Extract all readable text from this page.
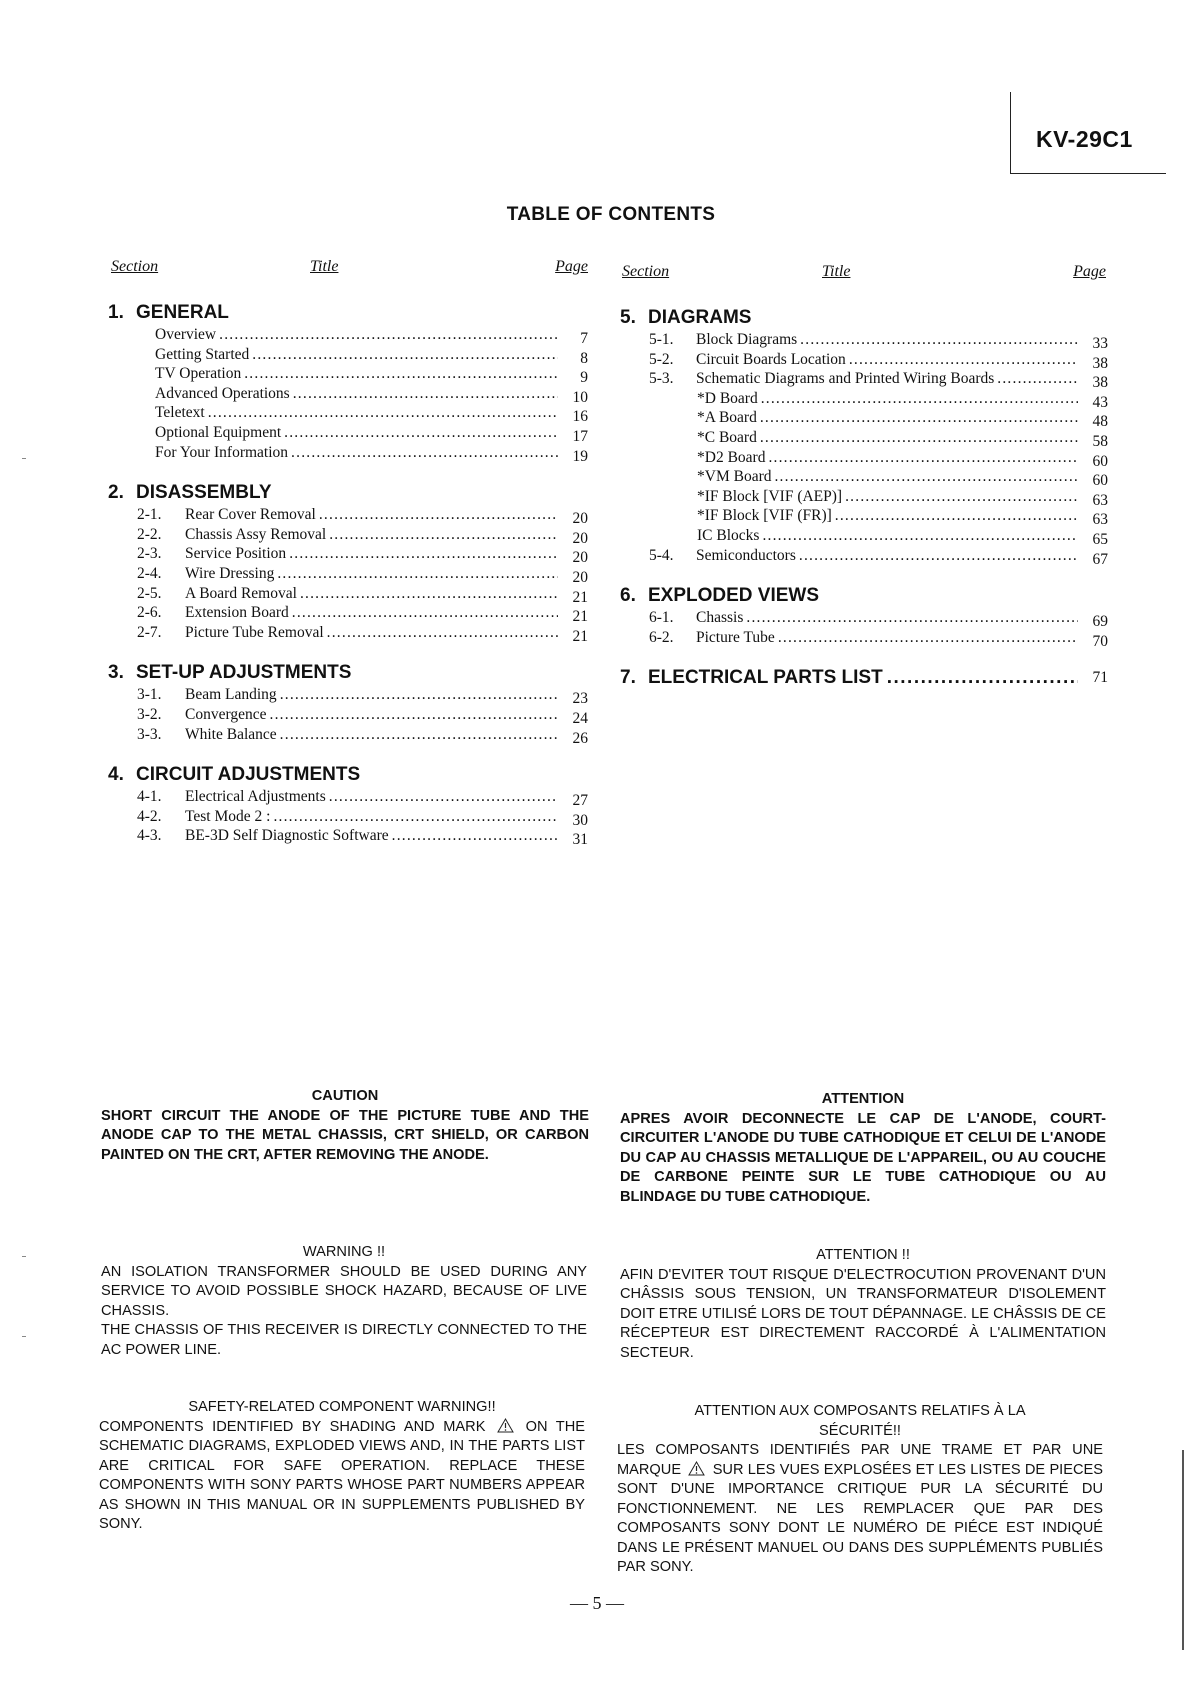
KV-29C1
TABLE OF CONTENTS
Section	Title	Page
1. GENERAL
Overview .....	7
Getting Started .....	8
TV Operation .....	9
Advanced Operations .....	10
Teletext .....	16
Optional Equipment .....	17
For Your Information .....	19
2. DISASSEMBLY
2-1. Rear Cover Removal .....	20
2-2. Chassis Assy Removal .....	20
2-3. Service Position .....	20
2-4. Wire Dressing .....	20
2-5. A Board Removal .....	21
2-6. Extension Board .....	21
2-7. Picture Tube Removal .....	21
3. SET-UP ADJUSTMENTS
3-1. Beam Landing .....	23
3-2. Convergence .....	24
3-3. White Balance .....	26
4. CIRCUIT ADJUSTMENTS
4-1. Electrical Adjustments .....	27
4-2. Test Mode 2 : .....	30
4-3. BE-3D Self Diagnostic Software .....	31
Section	Title	Page
5. DIAGRAMS
5-1. Block Diagrams .....	33
5-2. Circuit Boards Location .....	38
5-3. Schematic Diagrams and Printed Wiring Boards .....	38
*D Board .....	43
*A Board .....	48
*C Board .....	58
*D2 Board .....	60
*VM Board .....	60
*IF Block [VIF (AEP)] .....	63
*IF Block [VIF (FR)] .....	63
IC Blocks .....	65
5-4. Semiconductors .....	67
6. EXPLODED VIEWS
6-1. Chassis .....	69
6-2. Picture Tube .....	70
7. ELECTRICAL PARTS LIST .....	71
CAUTION
SHORT CIRCUIT THE ANODE OF THE PICTURE TUBE AND THE ANODE CAP TO THE METAL CHASSIS, CRT SHIELD, OR CARBON PAINTED ON THE CRT, AFTER REMOVING THE ANODE.
ATTENTION
APRES AVOIR DECONNECTE LE CAP DE L'ANODE, COURT-CIRCUITER L'ANODE DU TUBE CATHODIQUE ET CELUI DE L'ANODE DU CAP AU CHASSIS METALLIQUE DE L'APPAREIL, OU AU COUCHE DE CARBONE PEINTE SUR LE TUBE CATHODIQUE OU AU BLINDAGE DU TUBE CATHODIQUE.
WARNING !!

AN ISOLATION TRANSFORMER SHOULD BE USED DURING ANY SERVICE TO AVOID POSSIBLE SHOCK HAZARD, BECAUSE OF LIVE CHASSIS.

THE CHASSIS OF THIS RECEIVER IS DIRECTLY CONNECTED TO THE AC POWER LINE.

ATTENTION !!
AFIN D'EVITER TOUT RISQUE D'ELECTROCUTION PROVENANT D'UN CHÂSSIS SOUS TENSION, UN TRANSFORMATEUR D'ISOLEMENT DOIT ETRE UTILISÉ LORS DE TOUT DÉPANNAGE. LE CHÂSSIS DE CE RÉCEPTEUR EST DIRECTEMENT RACCORDÉ À L'ALIMENTATION SECTEUR.
SAFETY-RELATED COMPONENT WARNING!!
COMPONENTS IDENTIFIED BY SHADING AND MARK	ON THE SCHEMATIC DIAGRAMS, EXPLODED VIEWS AND, IN THE PARTS LIST ARE CRITICAL FOR SAFE OPERATION. REPLACE THESE COMPONENTS WITH SONY PARTS WHOSE PART NUMBERS APPEAR AS SHOWN IN THIS MANUAL OR IN SUPPLEMENTS PUBLISHED BY SONY.
ATTENTION AUX COMPOSANTS RELATIFS À LA
SÉCURITÉ!!
LES COMPOSANTS IDENTIFIÉS PAR UNE TRAME ET PAR UNE MARQUE SUR LES VUES EXPLOSÉES ET LES LISTES DE PIECES SONT D'UNE IMPORTANCE CRITIQUE PUR LA SÉCURITÉ DU FONCTIONNEMENT. NE LES REMPLACER QUE PAR DES COMPOSANTS SONY DONT LE NUMÉRO DE PIÉCE EST INDIQUÉ DANS LE PRÉSENT MANUEL OU DANS DES SUPPLÉMENTS PUBLIÉS PAR SONY.
— 5 —
